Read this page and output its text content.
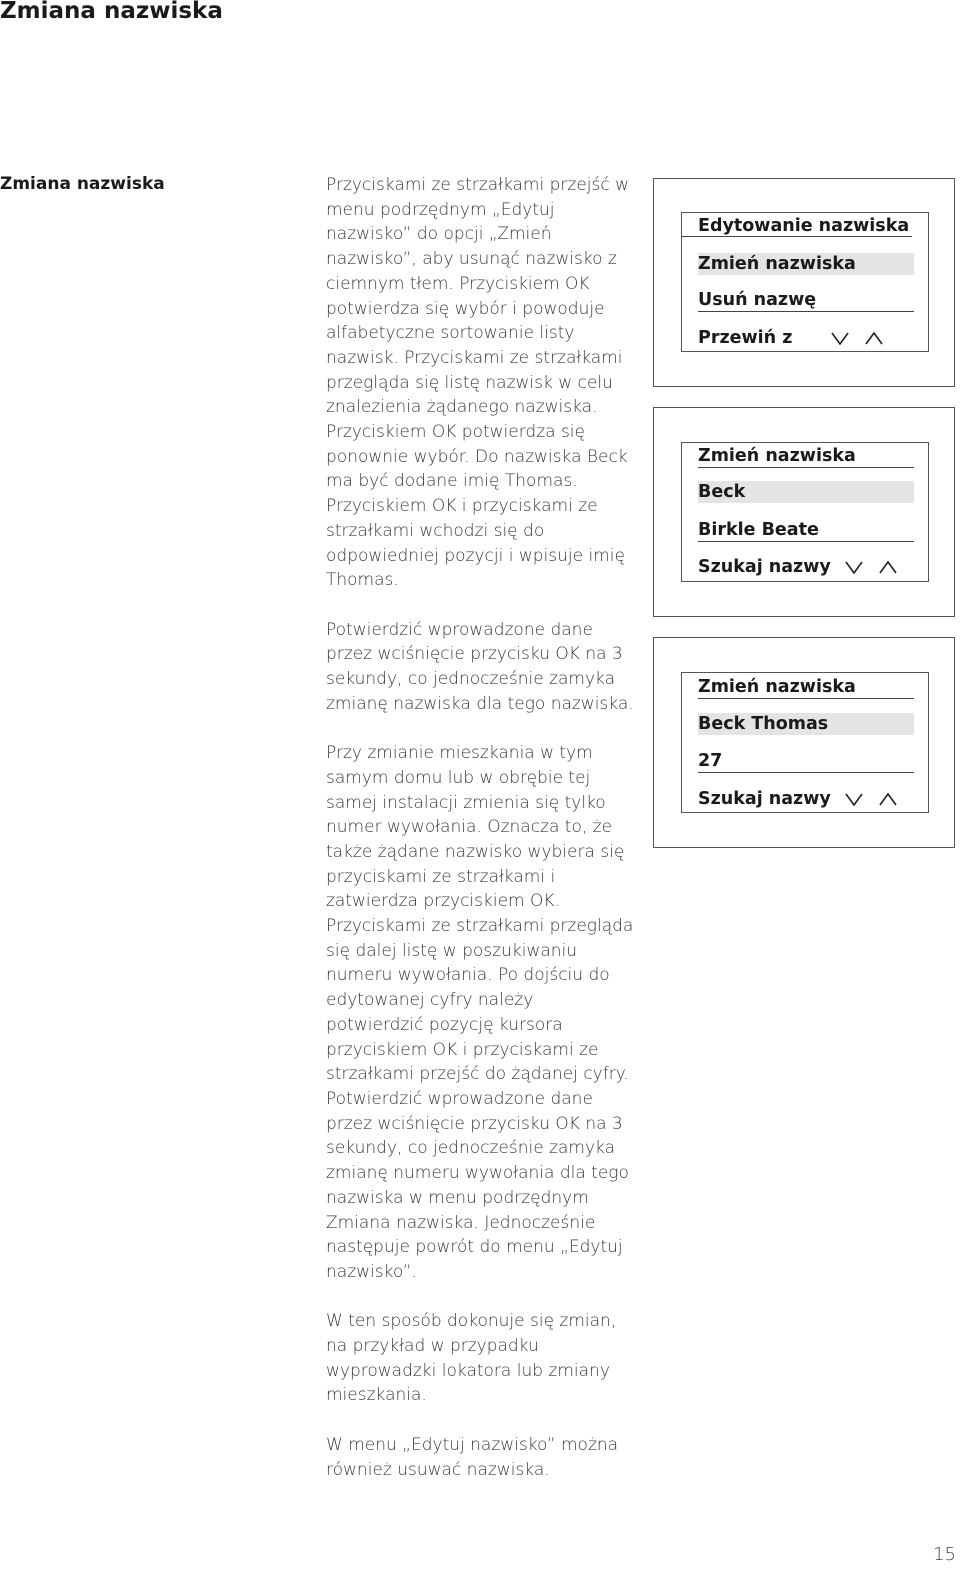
Zmiana nazwiska
Zmiana nazwiska	Przyciskami ze strzałkami przejść w menu podrzędnym „Edytuj nazwisko” do opcji „Zmień nazwisko”, aby usunąć nazwisko z ciemnym tłem. Przyciskiem OK potwierdza się wybór i powoduje alfabetyczne sortowanie listy nazwisk. Przyciskami ze strzałkami przegląda się listę nazwisk w celu znalezienia żądanego nazwiska. Przyciskiem OK potwierdza się ponownie wybór. Do nazwiska Beck ma być dodane imię Thomas. Przyciskiem OK i przyciskami ze strzałkami wchodzi się do odpowiedniej pozycji i wpisuje imię Thomas.

Potwierdzić wprowadzone dane przez wciśnięcie przycisku OK na 3 sekundy, co jednocześnie zamyka zmianę nazwiska dla tego nazwiska.

Przy zmianie mieszkania w tym samym domu lub w obrębie tej samej instalacji zmienia się tylko numer wywołania. Oznacza to, że także żądane nazwisko wybiera się przyciskami ze strzałkami i zatwierdza przyciskiem OK. Przyciskami ze strzałkami przegląda się dalej listę w poszukiwaniu numeru wywołania. Po dojściu do edytowanej cyfry należy potwierdzić pozycję kursora przyciskiem OK i przyciskami ze strzałkami przejść do żądanej cyfry. Potwierdzić wprowadzone dane przez wciśnięcie przycisku OK na 3 sekundy, co jednocześnie zamyka zmianę numeru wywołania dla tego nazwiska w menu podrzędnym Zmiana nazwiska. Jednocześnie następuje powrót do menu „Edytuj nazwisko”.

W ten sposób dokonuje się zmian, na przykład w przypadku wyprowadzki lokatora lub zmiany mieszkania.

W menu „Edytuj nazwisko” można również usuwać nazwiska.

Edytowanie nazwiska
Zmień nazwiska
Usuń nazwę
Przewiń z
Zmień nazwiska
Beck
Birkle Beate
Szukaj nazwy
Zmień nazwiska
Beck Thomas
27
Szukaj nazwy
15
